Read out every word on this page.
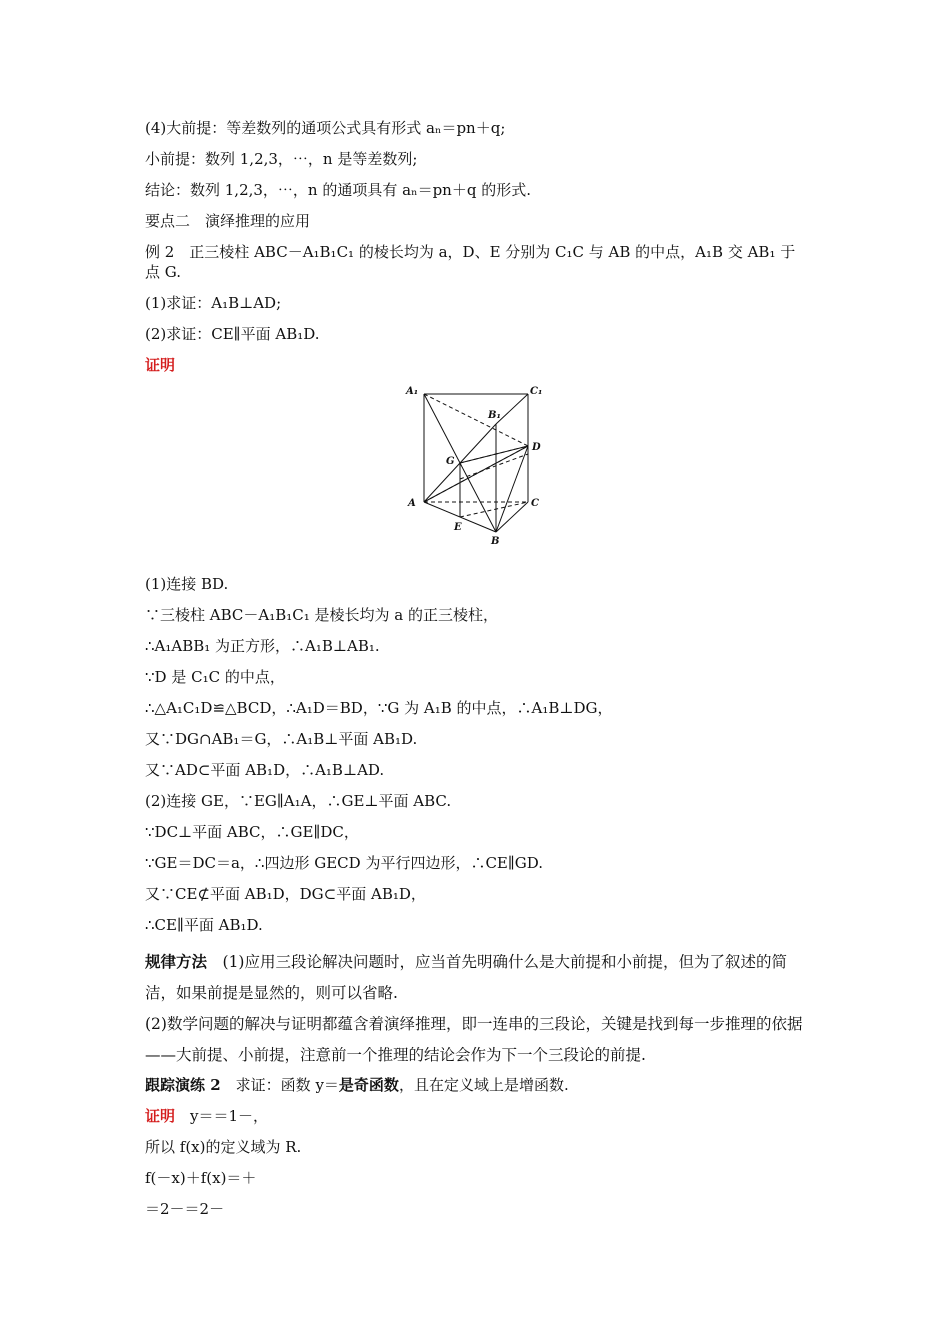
(4)大前提：等差数列的通项公式具有形式 aₙ＝pn＋q;
小前提：数列 1,2,3，⋯，n 是等差数列;
结论：数列 1,2,3，⋯，n 的通项具有 aₙ＝pn＋q 的形式.
要点二　演绎推理的应用
例 2　正三棱柱 ABC－A₁B₁C₁ 的棱长均为 a，D、E 分别为 C₁C 与 AB 的中点，A₁B 交 AB₁ 于点 G.
(1)求证：A₁B⊥AD;
(2)求证：CE∥平面 AB₁D.
证明
A₁	C₁
B₁
D
G
A	C
E
B
(1)连接 BD.
∵三棱柱 ABC－A₁B₁C₁ 是棱长均为 a 的正三棱柱，
∴A₁ABB₁ 为正方形，∴A₁B⊥AB₁.
∵D 是 C₁C 的中点，
∴△A₁C₁D≌△BCD，∴A₁D＝BD，∵G 为 A₁B 的中点，∴A₁B⊥DG，
又∵DG∩AB₁＝G，∴A₁B⊥平面 AB₁D.
又∵AD⊂平面 AB₁D，∴A₁B⊥AD.
(2)连接 GE，∵EG∥A₁A，∴GE⊥平面 ABC.
∵DC⊥平面 ABC，∴GE∥DC，
∵GE＝DC＝a，∴四边形 GECD 为平行四边形，∴CE∥GD.
又∵CE⊄平面 AB₁D，DG⊂平面 AB₁D，
∴CE∥平面 AB₁D.
规律方法  (1)应用三段论解决问题时，应当首先明确什么是大前提和小前提，但为了叙述的简洁，如果前提是显然的，则可以省略.
(2)数学问题的解决与证明都蕴含着演绎推理，即一连串的三段论，关键是找到每一步推理的依据——大前提、小前提，注意前一个推理的结论会作为下一个三段论的前提.
跟踪演练 2  求证：函数 y＝是奇函数，且在定义域上是增函数.
证明  y＝＝1－，
所以 f(x)的定义域为 R.
f(－x)＋f(x)＝＋
＝2－＝2－
